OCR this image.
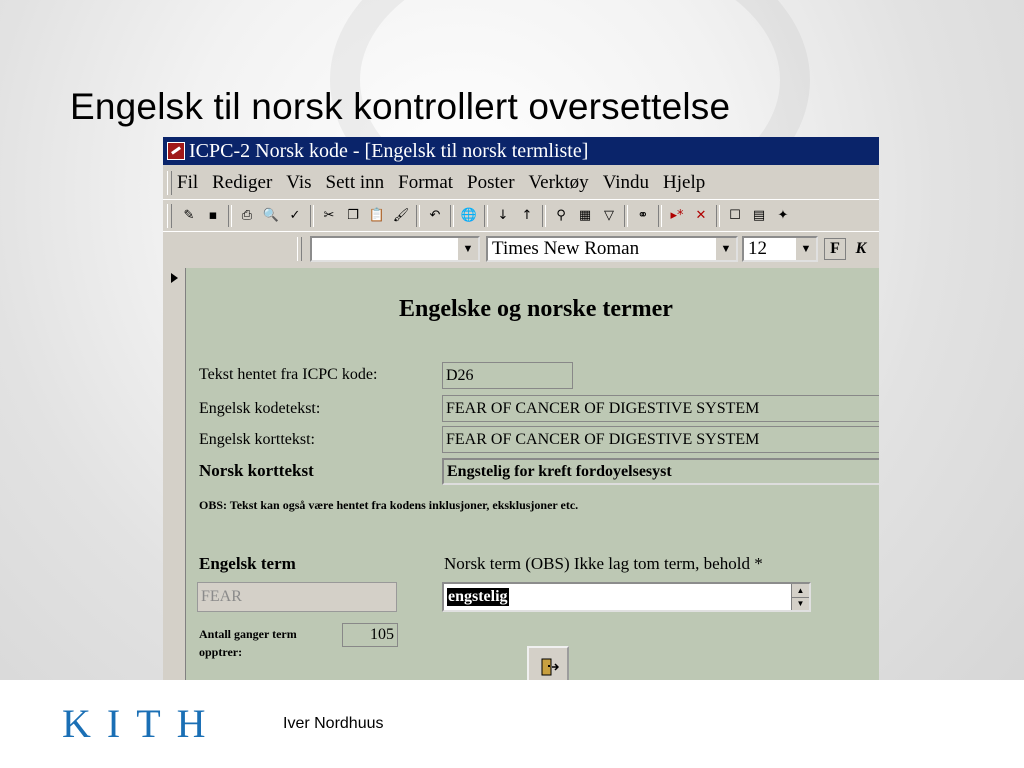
Engelsk til norsk kontrollert oversettelse
ICPC-2 Norsk kode - [Engelsk til norsk termliste]
Fil Rediger Vis Sett inn Format Poster Verktøy Vindu Hjelp
✎	▪	⎙ 🔍 ✓	✂ ❐ 📋 🖌	↶	🌐	↓	↑	⚲	▦ ▽	⚭	▸* ✕	☐ ▤ ✦
▼ Times New Roman	▼ 12	▼	F K
Engelske og norske termer
Tekst hentet fra ICPC kode:	D26
Engelsk kodetekst:	FEAR OF CANCER OF DIGESTIVE SYSTEM
Engelsk korttekst:	FEAR OF CANCER OF DIGESTIVE SYSTEM
Norsk korttekst	Engstelig for kreft fordoyelsesyst
OBS: Tekst kan også være hentet fra kodens inklusjoner, eksklusjoner etc.
Engelsk term	Norsk term (OBS) Ikke lag tom term, behold *
FEAR	engstelig	▲
▼
Antall ganger term opptrer:
105
KITH	Iver Nordhuus
